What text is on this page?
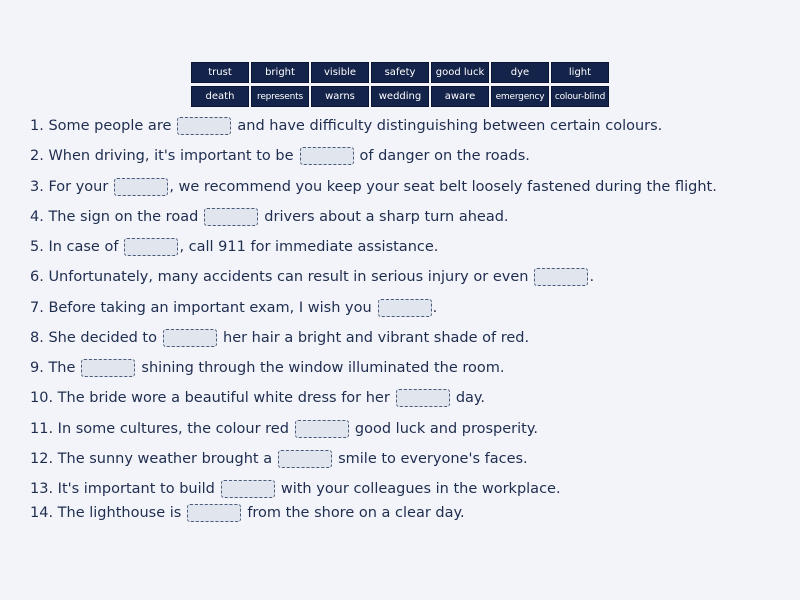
trust	bright	visible	safety	good luck	dye	light
death	represents	warns	wedding	aware	emergency	colour-blind
1. Some people are	and have difficulty distinguishing between certain colours.
2. When driving, it's important to be	of danger on the roads.
3. For your	, we recommend you keep your seat belt loosely fastened during the flight.
4. The sign on the road	drivers about a sharp turn ahead.
5. In case of	, call 911 for immediate assistance.
6. Unfortunately, many accidents can result in serious injury or even	.
7. Before taking an important exam, I wish you	.
8. She decided to	her hair a bright and vibrant shade of red.
9. The	shining through the window illuminated the room.
10. The bride wore a beautiful white dress for her	day.
11. In some cultures, the colour red	good luck and prosperity.
12. The sunny weather brought a	smile to everyone's faces.
13. It's important to build	with your colleagues in the workplace.
14. The lighthouse is	from the shore on a clear day.
